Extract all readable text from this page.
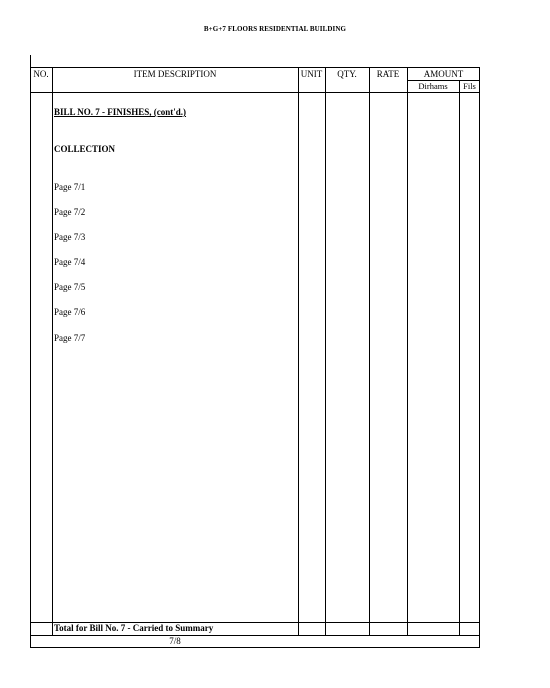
B+G+7 FLOORS RESIDENTIAL BUILDING
NO.	ITEM DESCRIPTION	UNIT	QTY.	RATE	AMOUNT
Dirhams	Fils
BILL NO. 7 - FINISHES, (cont'd.)
COLLECTION
Page 7/1
Page 7/2
Page 7/3
Page 7/4
Page 7/5
Page 7/6
Page 7/7
Total for Bill No. 7 - Carried to Summary
7/8
